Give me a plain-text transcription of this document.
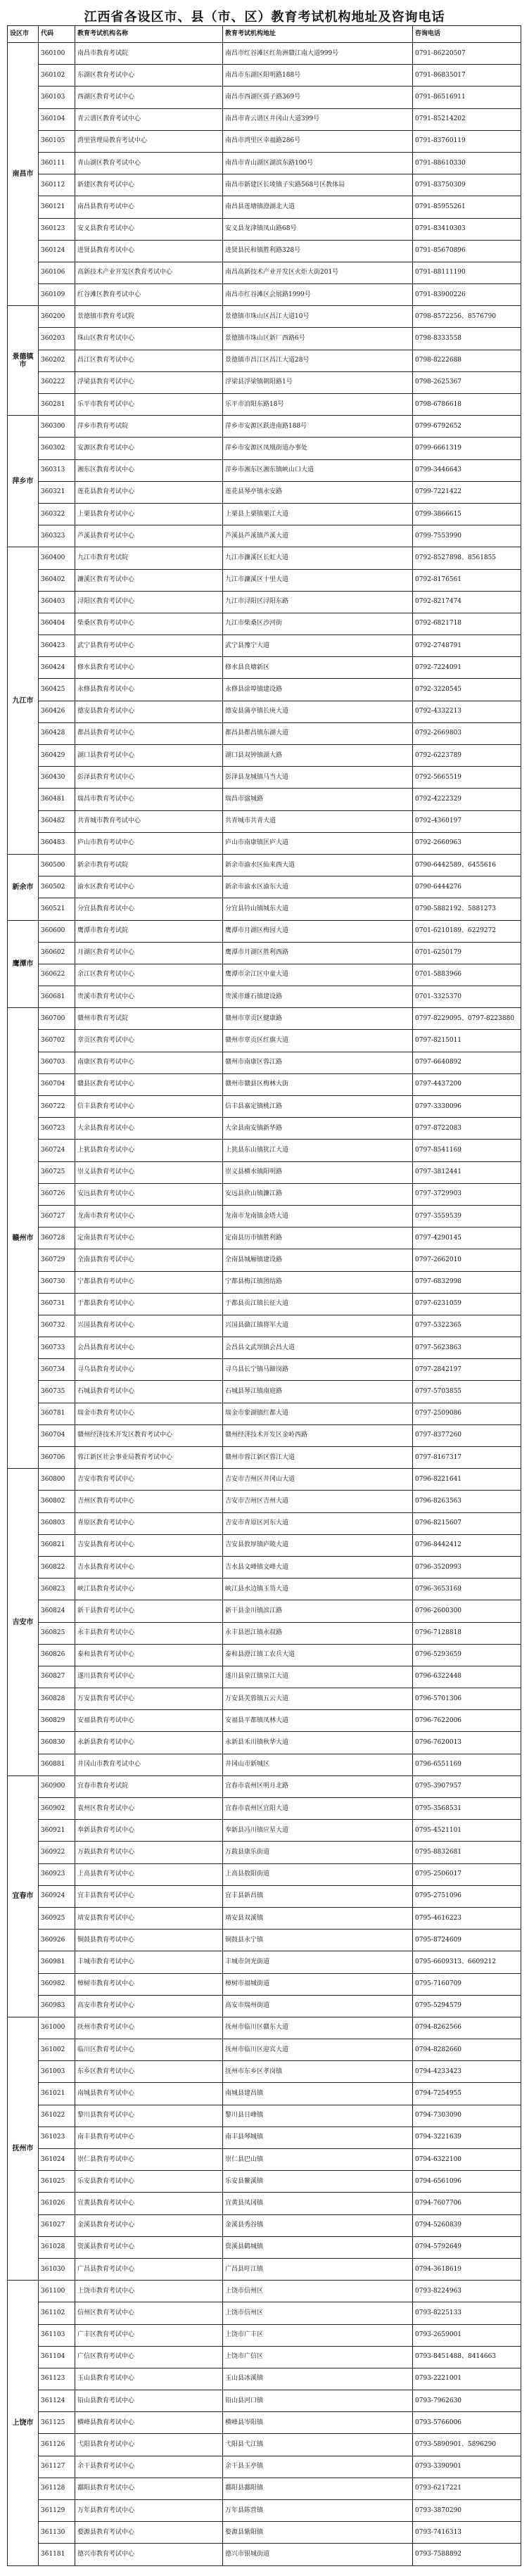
江西省各设区市、县（市、区）教育考试机构地址及咨询电话
设区市	代码	教育考试机构名称	教育考试机构地址	咨询电话
南昌市	360100	南昌市教育考试院	南昌市红谷滩区红角洲赣江南大道999号	0791-86220507
	360102	东湖区教育考试中心	南昌市东湖区阳明路188号	0791-86835017
	360103	西湖区教育考试中心	南昌市西湖区孺子路369号	0791-86516911
	360104	青云谱区教育考试中心	南昌市青云谱区井冈山大道399号	0791-85214202
	360105	湾里管理局教育考试中心	南昌市湾里区幸福路286号	0791-83760119
	360111	青山湖区教育考试中心	南昌市青山湖区湖滨东路100号	0791-88610330
	360112	新建区教育考试中心	南昌市新建区长堎镇子实路568号区教体局	0791-83750309
	360121	南昌县教育考试中心	南昌县莲塘镇澄湖北大道	0791-85955261
	360123	安义县教育考试中心	安义县龙津镇凤山路68号	0791-83410303
	360124	进贤县教育考试中心	进贤县民和镇胜利路328号	0791-85670896
	360106	高新技术产业开发区教育考试中心	南昌高新技术产业开发区火炬大街201号	0791-88111190
	360109	红谷滩区教育考试中心	南昌市红谷滩区会展路1999号	0791-83900226
景德镇市	360200	景德镇市教育考试院	景德镇市珠山区昌江大道10号	0798-8572256、8576790
	360203	珠山区教育考试中心	景德镇市珠山区新厂西路6号	0798-8333558
	360202	昌江区教育考试中心	景德镇市昌江区昌江大道28号	0798-8222688
	360222	浮梁县教育考试中心	浮梁县浮梁镇朝阳路1号	0798-2625367
	360281	乐平市教育考试中心	乐平市洎阳东路18号	0798-6786618
萍乡市	360300	萍乡市教育考试院	萍乡市安源区跃进南路188号	0799-6792652
	360302	安源区教育考试中心	萍乡市安源区凤凰街道办事处	0799-6661319
	360313	湘东区教育考试中心	萍乡市湘东区湘东镇峡山口大道	0799-3446643
	360321	莲花县教育考试中心	莲花县琴亭镇永安路	0799-7221422
	360322	上栗县教育考试中心	上栗县上栗镇栗江大道	0799-3866615
	360323	芦溪县教育考试中心	芦溪县芦溪镇芦溪大道	0799-7553990
九江市	360400	九江市教育考试院	九江市濂溪区长虹大道	0792-8527898、8561855
	360402	濂溪区教育考试中心	九江市濂溪区十里大道	0792-8176561
	360403	浔阳区教育考试中心	九江市浔阳区浔阳东路	0792-8217474
	360404	柴桑区教育考试中心	九江市柴桑区沙河街	0792-6821718
	360423	武宁县教育考试中心	武宁县豫宁大道	0792-2748791
	360424	修水县教育考试中心	修水县良塘新区	0792-7224091
	360425	永修县教育考试中心	永修县涂埠镇建设路	0792-3220545
	360426	德安县教育考试中心	德安县蒲亭镇长庚大道	0792-4332213
	360428	都昌县教育考试中心	都昌县都昌镇东湖大道	0792-2669803
	360429	湖口县教育考试中心	湖口县双钟镇湖大路	0792-6223789
	360430	彭泽县教育考试中心	彭泽县龙城镇马当大道	0792-5665519
	360481	瑞昌市教育考试中心	瑞昌市湓城路	0792-4222329
	360482	共青城市教育考试中心	共青城市共青大道	0792-4360197
	360483	庐山市教育考试中心	庐山市南康镇匡庐大道	0792-2660963
新余市	360500	新余市教育考试院	新余市渝水区仙来西大道	0790-6442589、6455616
	360502	渝水区教育考试中心	新余市渝水区渝东大道	0790-6444276
	360521	分宜县教育考试中心	分宜县钤山镇城东大道	0790-5882192、5881273
鹰潭市	360600	鹰潭市教育考试院	鹰潭市月湖区梅园大道	0701-6210189、6229272
	360602	月湖区教育考试中心	鹰潭市月湖区胜利西路	0701-6250179
	360622	余江区教育考试中心	鹰潭市余江区中童大道	0701-5883966
	360681	贵溪市教育考试中心	贵溪市雄石镇建设路	0701-3325370
赣州市	360700	赣州市教育考试院	赣州市章贡区健康路	0797-8229095、0797-8223880
	360702	章贡区教育考试中心	赣州市章贡区红旗大道	0797-8215011
	360703	南康区教育考试中心	赣州市南康区蓉江路	0797-6640892
	360704	赣县区教育考试中心	赣州市赣县区梅林大街	0797-4437200
	360722	信丰县教育考试中心	信丰县嘉定镇桃江路	0797-3330096
	360723	大余县教育考试中心	大余县南安镇新华路	0797-8722083
	360724	上犹县教育考试中心	上犹县东山镇犹江大道	0797-8541169
	360725	崇义县教育考试中心	崇义县横水镇阳明路	0797-3812441
	360726	安远县教育考试中心	安远县欣山镇濂江路	0797-3729903
	360727	龙南市教育考试中心	龙南市龙南镇金塔大道	0797-3559539
	360728	定南县教育考试中心	定南县历市镇胜利路	0797-4290145
	360729	全南县教育考试中心	全南县城厢镇建设路	0797-2662010
	360730	宁都县教育考试中心	宁都县梅江镇团结路	0797-6832998
	360731	于都县教育考试中心	于都县贡江镇长征大道	0797-6231059
	360732	兴国县教育考试中心	兴国县潋江镇将军大道	0797-5322365
	360733	会昌县教育考试中心	会昌县文武坝镇会昌大道	0797-5623863
	360734	寻乌县教育考试中心	寻乌县长宁镇马蹄岗路	0797-2842197
	360735	石城县教育考试中心	石城县琴江镇南庭路	0797-5703855
	360781	瑞金市教育考试中心	瑞金市象湖镇红都大道	0797-2509086
	360704	赣州经济技术开发区教育考试中心	赣州经济技术开发区金岭西路	0797-8377260
	360706	蓉江新区社会事业局教育考试中心	赣州市蓉江新区蓉江大道	0797-8167317
吉安市	360800	吉安市教育考试中心	吉安市吉州区井冈山大道	0796-8221641
	360802	吉州区教育考试中心	吉安市吉州区吉州大道	0796-8263563
	360803	青原区教育考试中心	吉安市青原区河东大道	0796-8215607
	360821	吉安县教育考试中心	吉安县敦厚镇庐陵大道	0796-8442412
	360822	吉水县教育考试中心	吉水县文峰镇文峰大道	0796-3520993
	360823	峡江县教育考试中心	峡江县水边镇玉笥大道	0796-3653169
	360824	新干县教育考试中心	新干县金川镇滨江路	0796-2600300
	360825	永丰县教育考试中心	永丰县恩江镇永叔路	0796-7128818
	360826	泰和县教育考试中心	泰和县澄江镇工农兵大道	0796-5293659
	360827	遂川县教育考试中心	遂川县泉江镇泉江大道	0796-6322448
	360828	万安县教育考试中心	万安县芙蓉镇五云大道	0796-5701306
	360829	安福县教育考试中心	安福县平都镇凤林大道	0796-7622006
	360830	永新县教育考试中心	永新县禾川镇秋华大道	0796-7620013
	360881	井冈山市教育考试中心	井冈山市新城区	0796-6551169
宜春市	360900	宜春市教育考试院	宜春市袁州区明月北路	0795-3907957
	360902	袁州区教育考试中心	宜春市袁州区宜阳大道	0795-3568531
	360921	奉新县教育考试中心	奉新县冯川镇应星大道	0795-4521101
	360922	万载县教育考试中心	万载县康乐街道	0795-8832681
	360923	上高县教育考试中心	上高县敖阳街道	0795-2506017
	360924	宜丰县教育考试中心	宜丰县新昌镇	0795-2751096
	360925	靖安县教育考试中心	靖安县双溪镇	0795-4616223
	360926	铜鼓县教育考试中心	铜鼓县永宁镇	0795-8724609
	360981	丰城市教育考试中心	丰城市剑光街道	0795-6609313、6609212
	360982	樟树市教育考试中心	樟树市福城街道	0795-7160709
	360983	高安市教育考试中心	高安市瑞州街道	0795-5294579
抚州市	361000	抚州市教育考试中心	抚州市临川区赣东大道	0794-8262566
	361002	临川区教育考试中心	抚州市临川区迎宾大道	0794-8282660
	361003	东乡区教育考试中心	抚州市东乡区孝岗镇	0794-4233423
	361021	南城县教育考试中心	南城县建昌镇	0794-7254955
	361022	黎川县教育考试中心	黎川县日峰镇	0794-7303090
	361023	南丰县教育考试中心	南丰县琴城镇	0794-3221639
	361024	崇仁县教育考试中心	崇仁县巴山镇	0794-6322100
	361025	乐安县教育考试中心	乐安县鳌溪镇	0794-6561096
	361026	宜黄县教育考试中心	宜黄县凤冈镇	0794-7607706
	361027	金溪县教育考试中心	金溪县秀谷镇	0794-5260839
	361028	资溪县教育考试中心	资溪县鹤城镇	0794-5792649
	361030	广昌县教育考试中心	广昌县旴江镇	0794-3618619
上饶市	361100	上饶市教育考试中心	上饶市信州区	0793-8224963
	361102	信州区教育考试中心	上饶市信州区	0793-8225133
	361103	广丰区教育考试中心	上饶市广丰区	0793-2659001
	361104	广信区教育考试中心	上饶市广信区	0793-8451488、8414663
	361123	玉山县教育考试中心	玉山县冰溪镇	0793-2221001
	361124	铅山县教育考试中心	铅山县河口镇	0793-7962630
	361125	横峰县教育考试中心	横峰县岑阳镇	0793-5766006
	361126	弋阳县教育考试中心	弋阳县弋江镇	0793-5890901、5896290
	361127	余干县教育考试中心	余干县玉亭镇	0793-3390901
	361128	鄱阳县教育考试中心	鄱阳县鄱阳镇	0793-6217221
	361129	万年县教育考试中心	万年县陈营镇	0793-3870290
	361130	婺源县教育考试中心	婺源县紫阳镇	0793-7416313
	361181	德兴市教育考试中心	德兴市银城街道	0793-7588892
